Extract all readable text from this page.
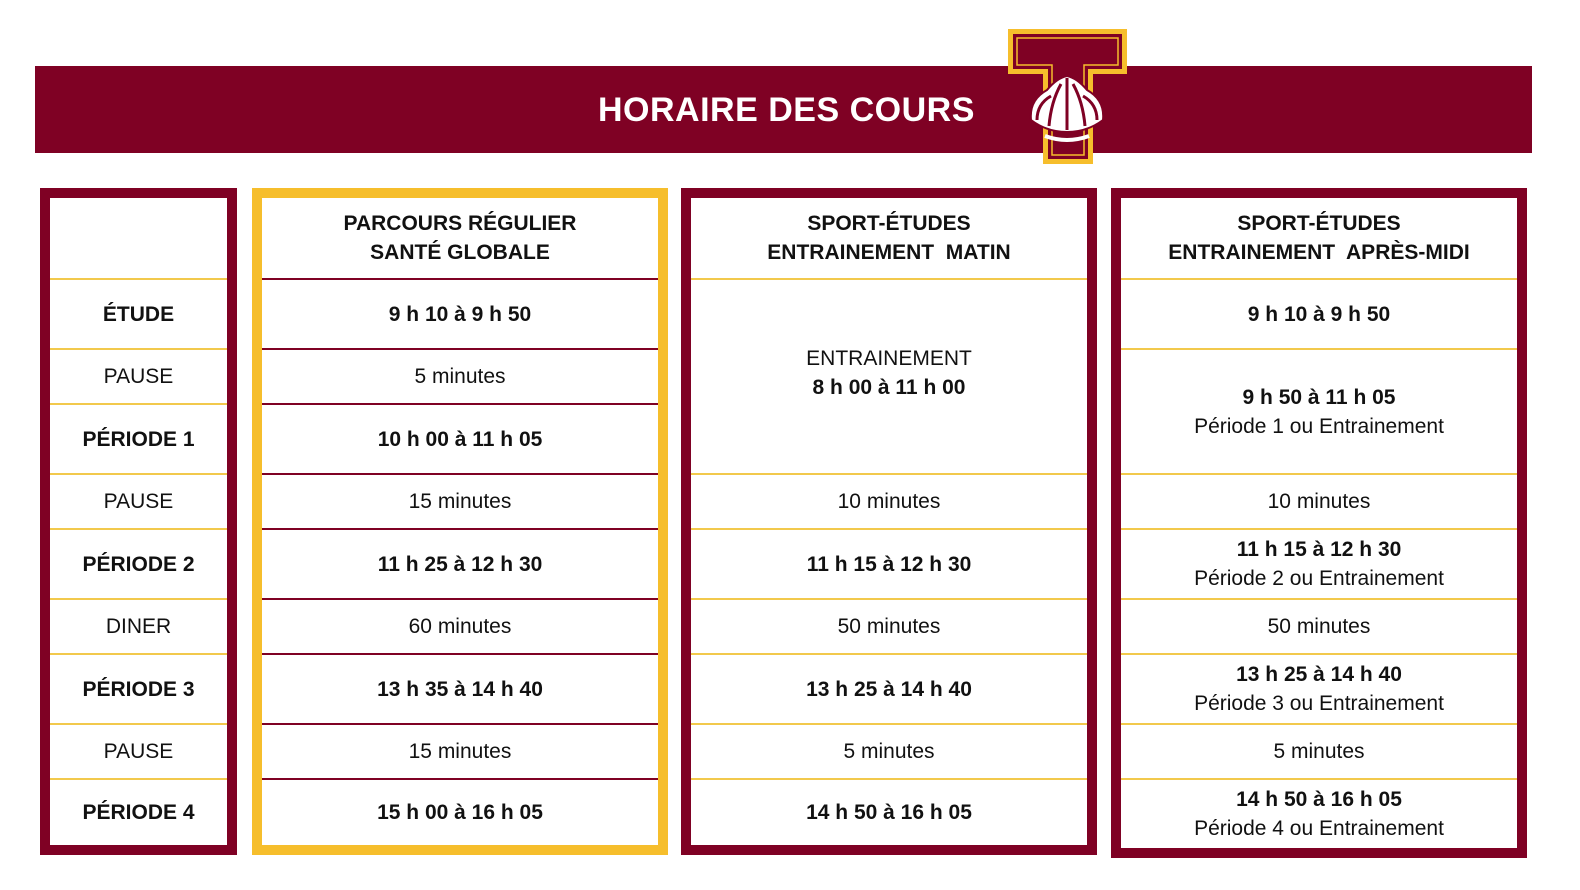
HORAIRE DES COURS
ÉTUDE
PAUSE
PÉRIODE 1
PAUSE
PÉRIODE 2
DINER
PÉRIODE 3
PAUSE
PÉRIODE 4
PARCOURS RÉGULIER
SANTÉ GLOBALE
9 h 10 à 9 h 50
5 minutes
10 h 00 à 11 h 05
15 minutes
11 h 25 à 12 h 30
60 minutes
13 h 35 à 14 h 40
15 minutes
15 h 00 à 16 h 05
SPORT-ÉTUDES
ENTRAINEMENT  MATIN
ENTRAINEMENT
8 h 00 à 11 h 00
10 minutes
11 h 15 à 12 h 30
50 minutes
13 h 25 à 14 h 40
5 minutes
14 h 50 à 16 h 05
SPORT-ÉTUDES
ENTRAINEMENT  APRÈS-MIDI
9 h 10 à 9 h 50
9 h 50 à 11 h 05
Période 1 ou Entrainement
10 minutes
11 h 15 à 12 h 30
Période 2 ou Entrainement
50 minutes
13 h 25 à 14 h 40
Période 3 ou Entrainement
5 minutes
14 h 50 à 16 h 05
Période 4 ou Entrainement
